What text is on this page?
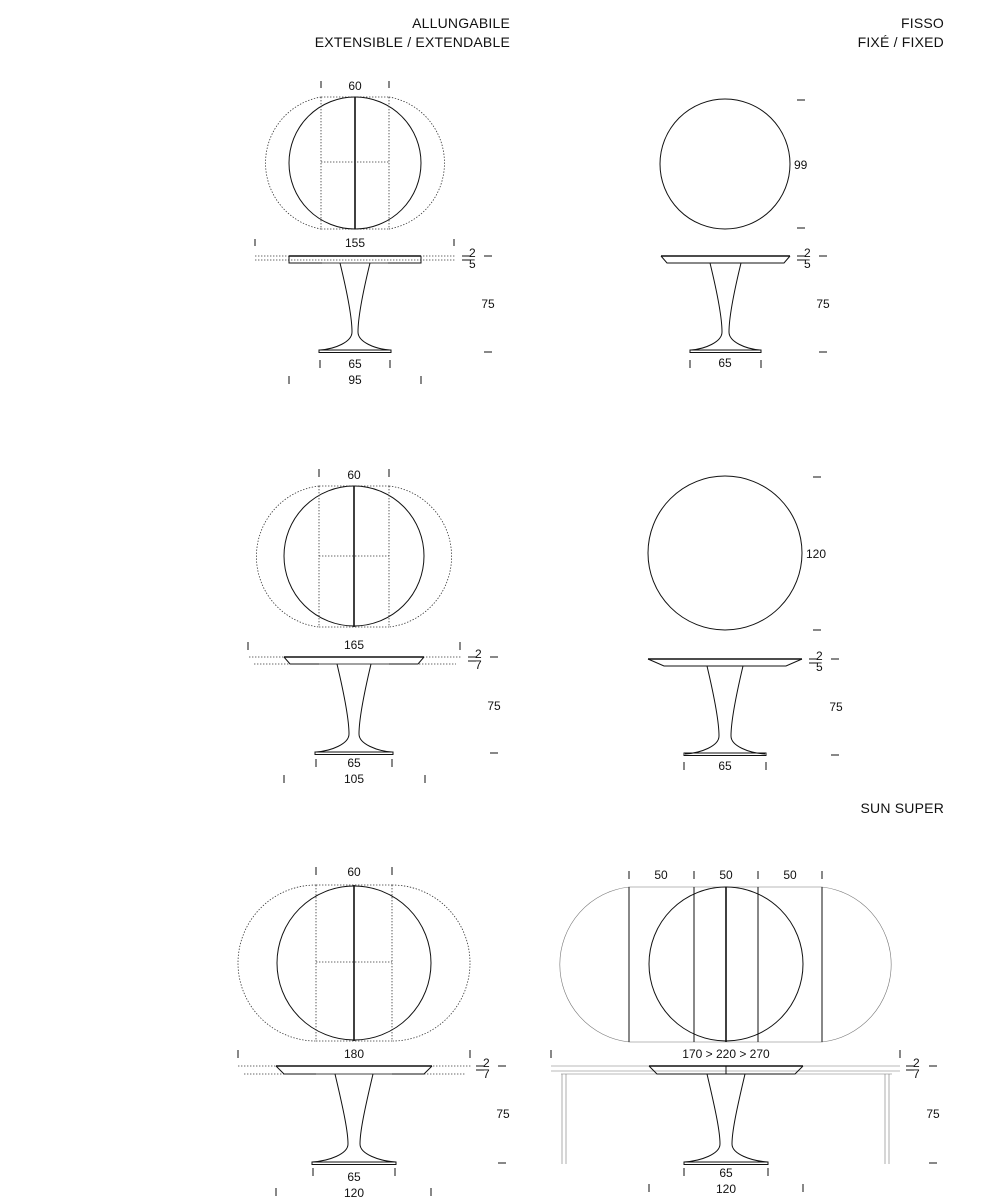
ALLUNGABILE
EXTENSIBLE / EXTENDABLE
FISSO
FIXÉ / FIXED
SUN SUPER
60
155
2
5
75
65
95
99
2
5
75
65
60
165
2
7
75
65
105
120
2
5
75
65
60
180
2
7
75
65
120
50	50	50
170 > 220 > 270
2
7
75
65
120
